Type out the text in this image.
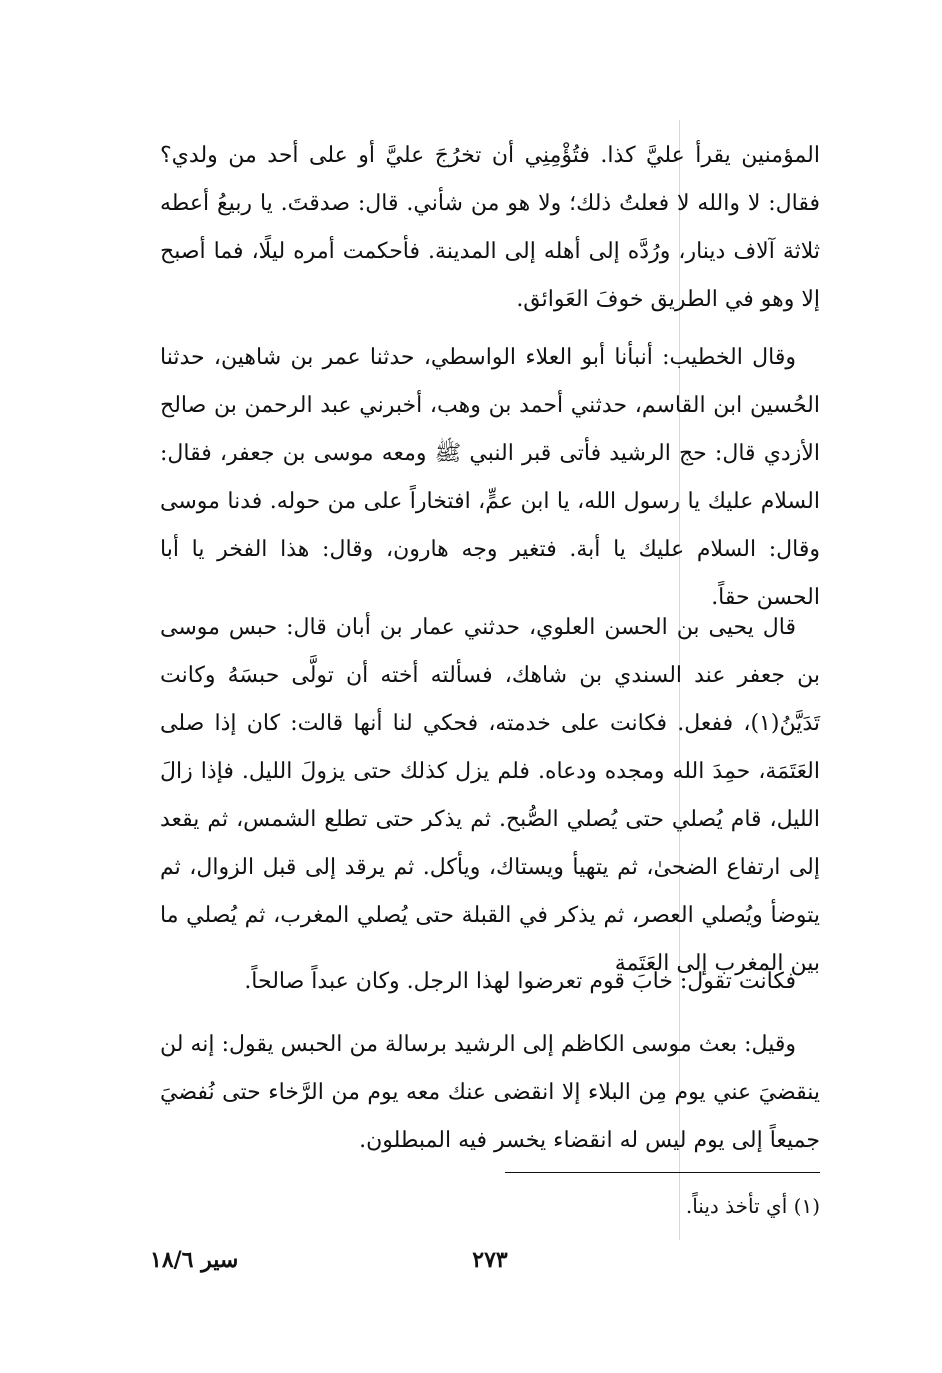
المؤمنين يقرأ عليَّ كذا. فتُؤْمِنِي أن تخرُجَ عليَّ أو على أحد من ولدي؟ فقال: لا والله لا فعلتُ ذلك؛ ولا هو من شأني. قال: صدقتَ. يا ربيعُ أعطه ثلاثة آلاف دينار، ورُدَّه إلى أهله إلى المدينة. فأحكمت أمره ليلًا، فما أصبح إلا وهو في الطريق خوفَ العَوائق.

وقال الخطيب: أنبأنا أبو العلاء الواسطي، حدثنا عمر بن شاهين، حدثنا الحُسين ابن القاسم، حدثني أحمد بن وهب، أخبرني عبد الرحمن بن صالح الأزدي قال: حج الرشيد فأتى قبر النبي ﷺ ومعه موسى بن جعفر، فقال: السلام عليك يا رسول الله، يا ابن عمٍّ، افتخاراً على من حوله. فدنا موسى وقال: السلام عليك يا أبة. فتغير وجه هارون، وقال: هذا الفخر يا أبا الحسن حقاً.

قال يحيى بن الحسن العلوي، حدثني عمار بن أبان قال: حبس موسى بن جعفر عند السندي بن شاهك، فسألته أخته أن تولَّى حبسَهُ وكانت تَدَيَّنُ(١)، ففعل. فكانت على خدمته، فحكي لنا أنها قالت: كان إذا صلى العَتَمَة، حمِدَ الله ومجده ودعاه. فلم يزل كذلك حتى يزولَ الليل. فإذا زالَ الليل، قام يُصلي حتى يُصلي الصُّبح. ثم يذكر حتى تطلع الشمس، ثم يقعد إلى ارتفاع الضحىٰ، ثم يتهيأ ويستاك، ويأكل. ثم يرقد إلى قبل الزوال، ثم يتوضأ ويُصلي العصر، ثم يذكر في القبلة حتى يُصلي المغرب، ثم يُصلي ما بين المغرب إلى العَتَمة

فكانت تقول: خابَ قوم تعرضوا لهذا الرجل. وكان عبداً صالحاً.

وقيل: بعث موسى الكاظم إلى الرشيد برسالة من الحبس يقول: إنه لن ينقضيَ عني يوم مِن البلاء إلا انقضى عنك معه يوم من الرَّخاء حتى نُفضيَ جميعاً إلى يوم ليس له انقضاء يخسر فيه المبطلون.

(١) أي تأخذ ديناً.
٢٧٣
سير ١٨/٦
